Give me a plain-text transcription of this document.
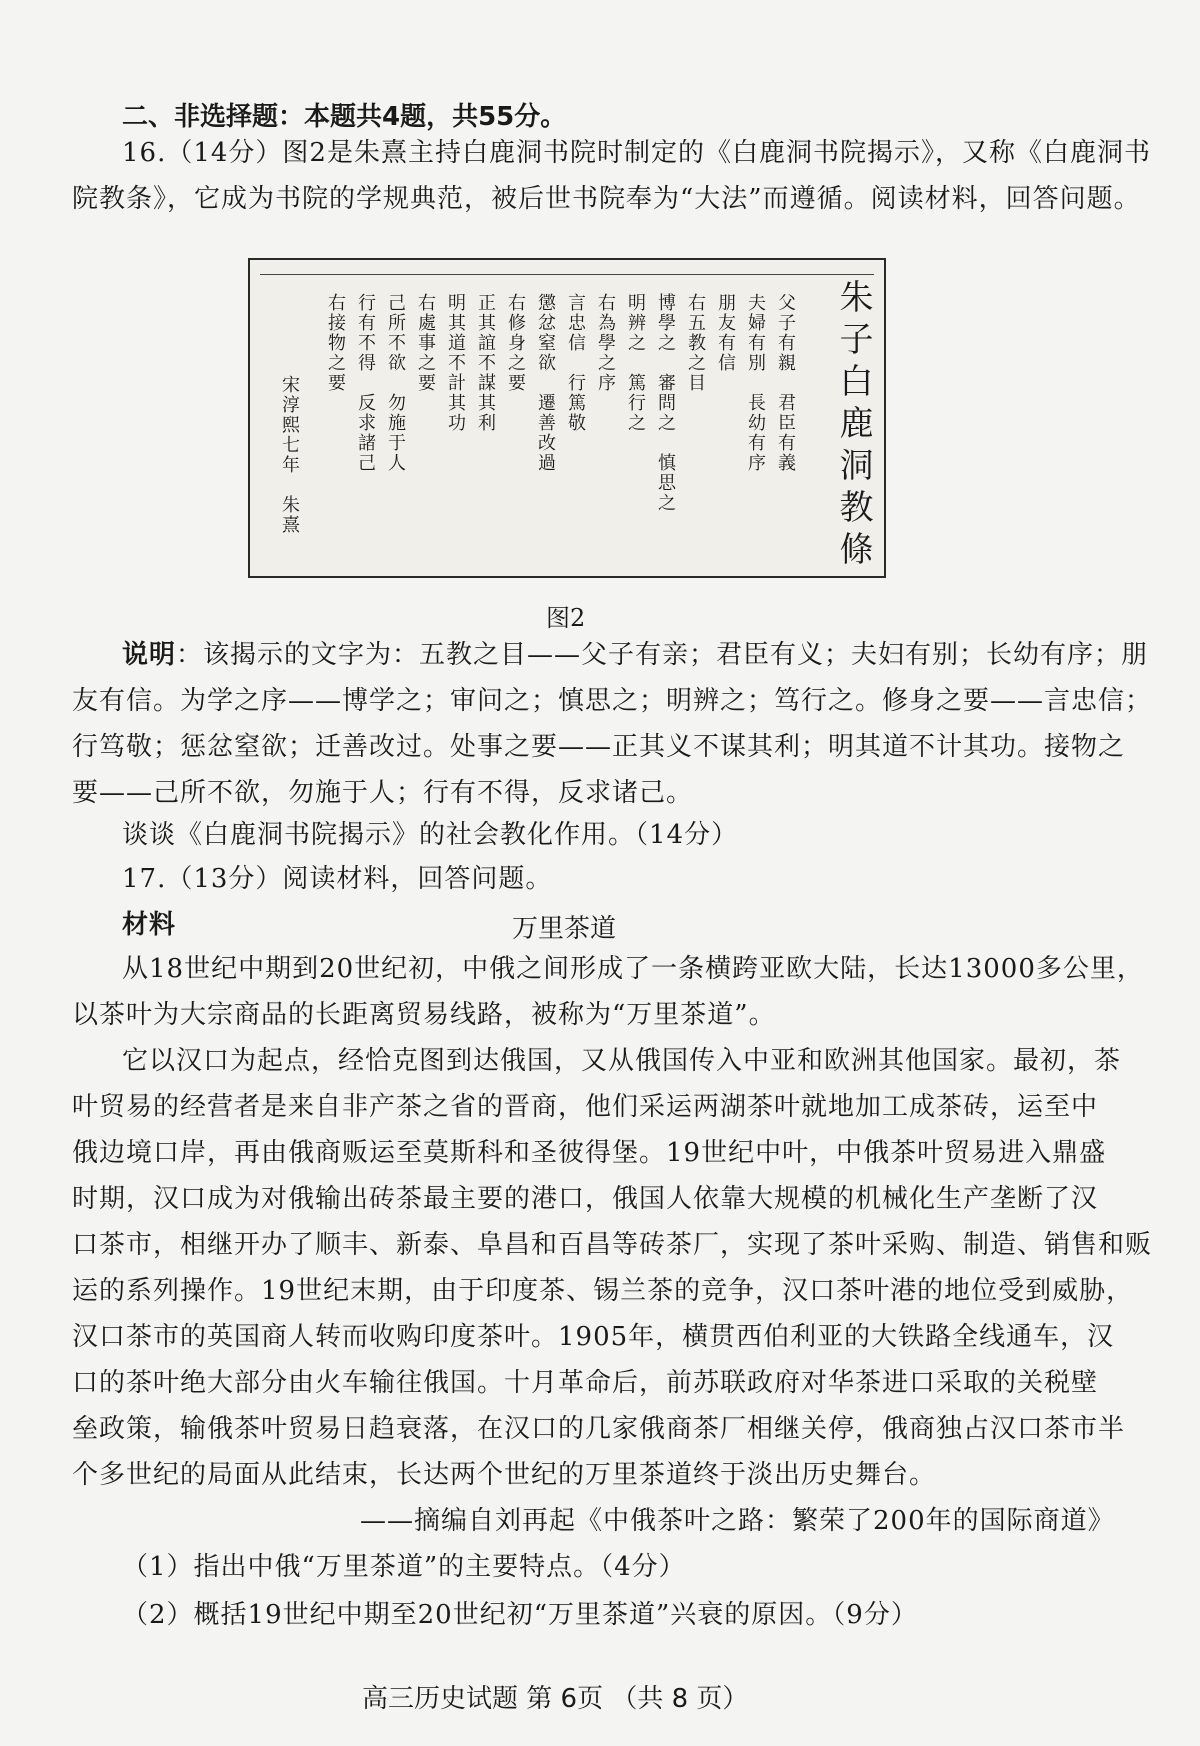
二、非选择题：本题共4题，共55分。
16.（14分）图2是朱熹主持白鹿洞书院时制定的《白鹿洞书院揭示》，又称《白鹿洞书
院教条》，它成为书院的学规典范，被后世书院奉为“大法”而遵循。阅读材料，回答问题。
朱子白鹿洞教條
父子有親　君臣有義
夫婦有別　長幼有序
朋友有信
右五教之目
博學之　審問之　慎思之
明辨之　篤行之
右為學之序
言忠信　行篤敬
懲忿窒欲　遷善改過
右修身之要
正其誼不謀其利
明其道不計其功
右處事之要
己所不欲　勿施于人
行有不得　反求諸己
右接物之要
宋淳熙七年　朱熹
图2
说明：该揭示的文字为：五教之目——父子有亲；君臣有义；夫妇有别；长幼有序；朋
友有信。为学之序——博学之；审问之；慎思之；明辨之；笃行之。修身之要——言忠信；
行笃敬；惩忿窒欲；迁善改过。处事之要——正其义不谋其利；明其道不计其功。接物之
要——己所不欲，勿施于人；行有不得，反求诸己。
谈谈《白鹿洞书院揭示》的社会教化作用。（14分）
17.（13分）阅读材料，回答问题。
材料	万里茶道
从18世纪中期到20世纪初，中俄之间形成了一条横跨亚欧大陆，长达13000多公里，
以茶叶为大宗商品的长距离贸易线路，被称为“万里茶道”。
它以汉口为起点，经恰克图到达俄国，又从俄国传入中亚和欧洲其他国家。最初，茶
叶贸易的经营者是来自非产茶之省的晋商，他们采运两湖茶叶就地加工成茶砖，运至中
俄边境口岸，再由俄商贩运至莫斯科和圣彼得堡。19世纪中叶，中俄茶叶贸易进入鼎盛
时期，汉口成为对俄输出砖茶最主要的港口，俄国人依靠大规模的机械化生产垄断了汉
口茶市，相继开办了顺丰、新泰、阜昌和百昌等砖茶厂，实现了茶叶采购、制造、销售和贩
运的系列操作。19世纪末期，由于印度茶、锡兰茶的竞争，汉口茶叶港的地位受到威胁，
汉口茶市的英国商人转而收购印度茶叶。1905年，横贯西伯利亚的大铁路全线通车，汉
口的茶叶绝大部分由火车输往俄国。十月革命后，前苏联政府对华茶进口采取的关税壁
垒政策，输俄茶叶贸易日趋衰落，在汉口的几家俄商茶厂相继关停，俄商独占汉口茶市半
个多世纪的局面从此结束，长达两个世纪的万里茶道终于淡出历史舞台。
——摘编自刘再起《中俄茶叶之路：繁荣了200年的国际商道》
（1）指出中俄“万里茶道”的主要特点。（4分）
（2）概括19世纪中期至20世纪初“万里茶道”兴衰的原因。（9分）
高三历史试题 第 6页 （共 8 页）
